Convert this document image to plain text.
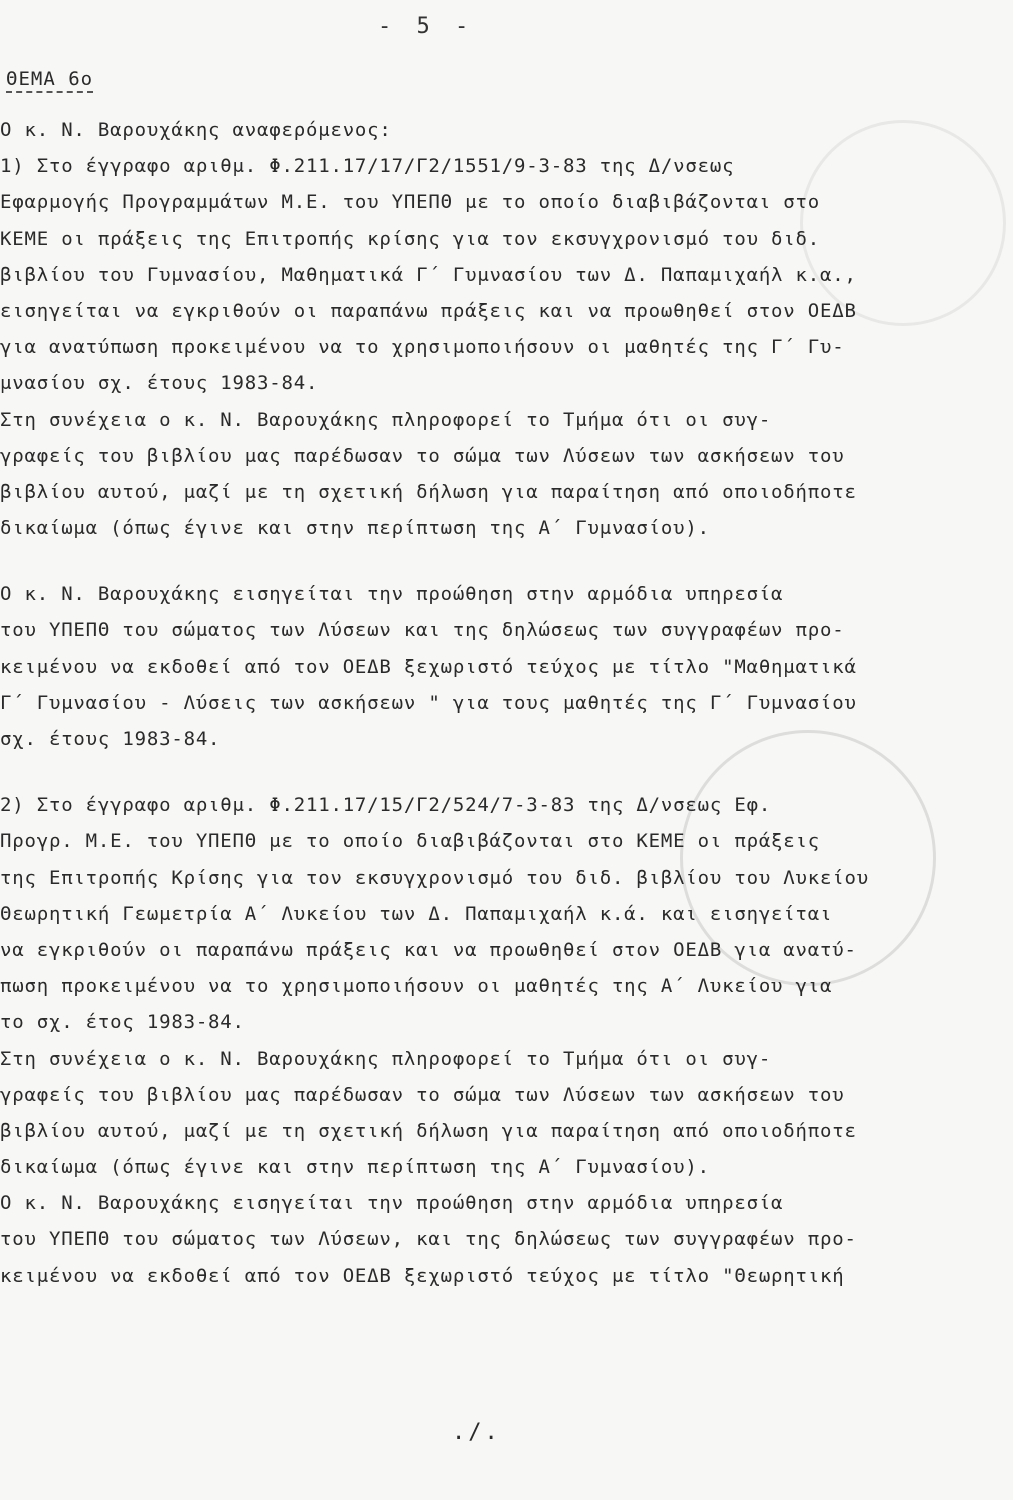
- 5 -
ΘΕΜΑ 6ο
Ο κ. Ν. Βαρουχάκης αναφερόμενος:
1) Στο έγγραφο αριθμ. Φ.211.17/17/Γ2/1551/9-3-83 της Δ/νσεως
Εφαρμογής Προγραμμάτων Μ.Ε. του ΥΠΕΠΘ με το οποίο διαβιβάζονται στο
ΚΕΜΕ οι πράξεις της Επιτροπής κρίσης για τον εκσυγχρονισμό του διδ.
βιβλίου του Γυμνασίου, Μαθηματικά Γ΄ Γυμνασίου των Δ. Παπαμιχαήλ κ.α.,
εισηγείται να εγκριθούν οι παραπάνω πράξεις και να προωθηθεί στον ΟΕΔΒ
για ανατύπωση προκειμένου να το χρησιμοποιήσουν οι μαθητές της Γ΄ Γυ-
μνασίου σχ. έτους 1983-84.
Στη συνέχεια ο κ. Ν. Βαρουχάκης πληροφορεί το Τμήμα ότι οι συγ-
γραφείς του βιβλίου μας παρέδωσαν το σώμα των Λύσεων των ασκήσεων του
βιβλίου αυτού, μαζί με τη σχετική δήλωση για παραίτηση από οποιοδήποτε
δικαίωμα (όπως έγινε και στην περίπτωση της Α΄ Γυμνασίου).
Ο κ. Ν. Βαρουχάκης εισηγείται την προώθηση στην αρμόδια υπηρεσία
του ΥΠΕΠΘ του σώματος των Λύσεων και της δηλώσεως των συγγραφέων προ-
κειμένου να εκδοθεί από τον ΟΕΔΒ ξεχωριστό τεύχος με τίτλο "Μαθηματικά
Γ΄ Γυμνασίου - Λύσεις των ασκήσεων " για τους μαθητές της Γ΄ Γυμνασίου
σχ. έτους 1983-84.
2) Στο έγγραφο αριθμ. Φ.211.17/15/Γ2/524/7-3-83 της Δ/νσεως Εφ.
Προγρ. Μ.Ε. του ΥΠΕΠΘ με το οποίο διαβιβάζονται στο ΚΕΜΕ οι πράξεις
της Επιτροπής Κρίσης για τον εκσυγχρονισμό του διδ. βιβλίου του Λυκείου
Θεωρητική Γεωμετρία Α΄ Λυκείου των Δ. Παπαμιχαήλ κ.ά. και εισηγείται
να εγκριθούν οι παραπάνω πράξεις και να προωθηθεί στον ΟΕΔΒ για ανατύ-
πωση προκειμένου να το χρησιμοποιήσουν οι μαθητές της Α΄ Λυκείου για
το σχ. έτος 1983-84.
Στη συνέχεια ο κ. Ν. Βαρουχάκης πληροφορεί το Τμήμα ότι οι συγ-
γραφείς του βιβλίου μας παρέδωσαν το σώμα των Λύσεων των ασκήσεων του
βιβλίου αυτού, μαζί με τη σχετική δήλωση για παραίτηση από οποιοδήποτε
δικαίωμα (όπως έγινε και στην περίπτωση της Α΄ Γυμνασίου).
Ο κ. Ν. Βαρουχάκης εισηγείται την προώθηση στην αρμόδια υπηρεσία
του ΥΠΕΠΘ του σώματος των Λύσεων, και της δηλώσεως των συγγραφέων προ-
κειμένου να εκδοθεί από τον ΟΕΔΒ ξεχωριστό τεύχος με τίτλο "Θεωρητική
./.
